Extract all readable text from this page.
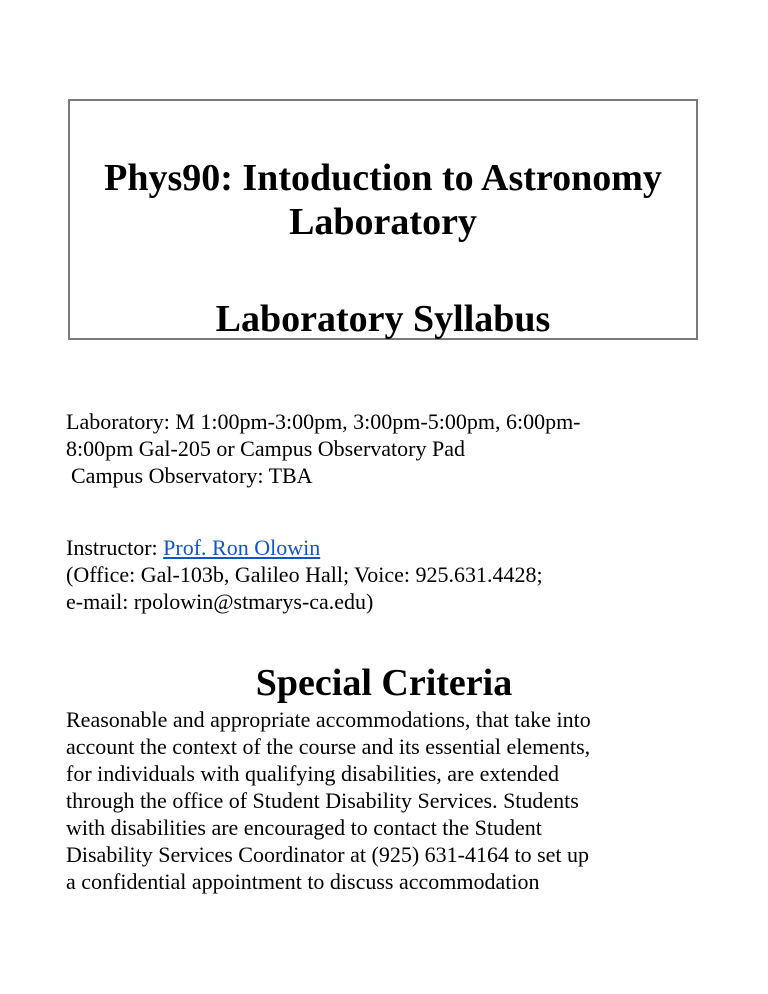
Phys90: Intoduction to Astronomy

Laboratory

Laboratory Syllabus

Laboratory: M 1:00pm-3:00pm, 3:00pm-5:00pm, 6:00pm-
8:00pm Gal-205 or Campus Observatory Pad
Campus Observatory: TBA
Instructor: Prof. Ron Olowin
(Office: Gal-103b, Galileo Hall; Voice: 925.631.4428;
e-mail: rpolowin@stmarys-ca.edu)
Special Criteria
Reasonable and appropriate accommodations, that take into
account the context of the course and its essential elements,
for individuals with qualifying disabilities, are extended
through the office of Student Disability Services. Students
with disabilities are encouraged to contact the Student
Disability Services Coordinator at (925) 631-4164 to set up
a confidential appointment to discuss accommodation
